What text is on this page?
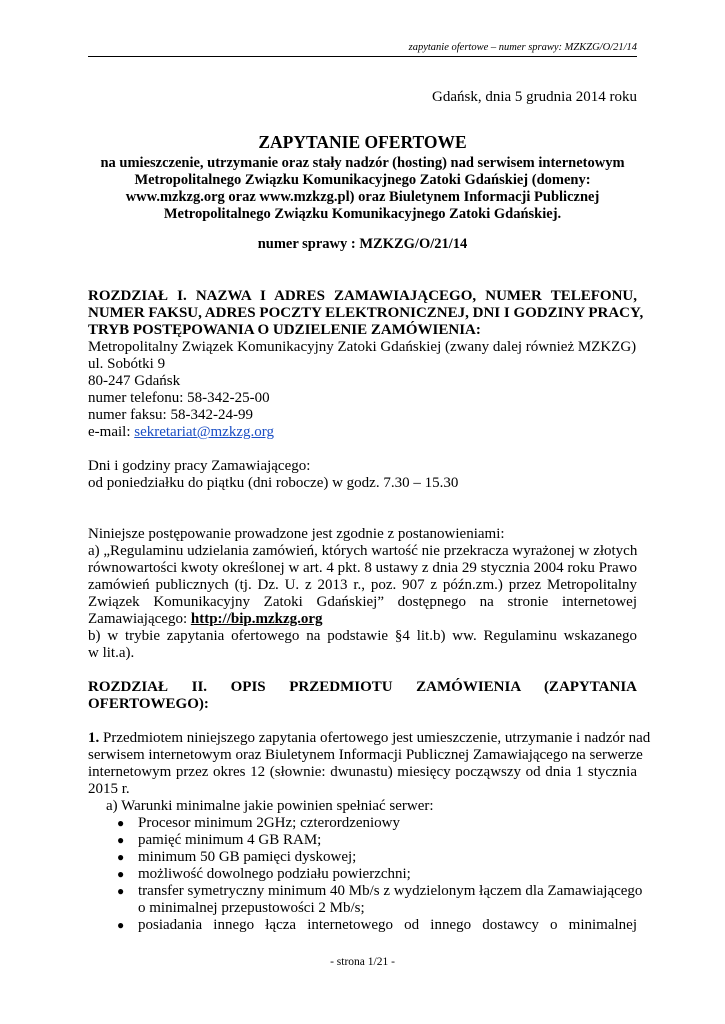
zapytanie ofertowe – numer sprawy: MZKZG/O/21/14
Gdańsk, dnia 5 grudnia 2014 roku
ZAPYTANIE OFERTOWE
na umieszczenie, utrzymanie oraz stały nadzór (hosting) nad serwisem internetowym
Metropolitalnego Związku Komunikacyjnego Zatoki Gdańskiej (domeny:
www.mzkzg.org oraz www.mzkzg.pl) oraz Biuletynem Informacji Publicznej
Metropolitalnego Związku Komunikacyjnego Zatoki Gdańskiej.
numer sprawy : MZKZG/O/21/14
ROZDZIAŁ I. NAZWA I ADRES ZAMAWIAJĄCEGO, NUMER TELEFONU,
NUMER FAKSU, ADRES POCZTY ELEKTRONICZNEJ, DNI I GODZINY PRACY,
TRYB POSTĘPOWANIA O UDZIELENIE ZAMÓWIENIA:
Metropolitalny Związek Komunikacyjny Zatoki Gdańskiej (zwany dalej również MZKZG)
ul. Sobótki 9
80-247 Gdańsk
numer telefonu: 58-342-25-00
numer faksu: 58-342-24-99
e-mail: sekretariat@mzkzg.org
Dni i godziny pracy Zamawiającego:
od poniedziałku do piątku (dni robocze) w godz. 7.30 – 15.30
Niniejsze postępowanie prowadzone jest zgodnie z postanowieniami:
a) „Regulaminu udzielania zamówień, których wartość nie przekracza wyrażonej w złotych
równowartości kwoty określonej w art. 4 pkt. 8 ustawy z dnia 29 stycznia 2004 roku Prawo
zamówień publicznych (tj. Dz. U. z 2013 r., poz. 907 z późn.zm.) przez Metropolitalny
Związek Komunikacyjny Zatoki Gdańskiej” dostępnego na stronie internetowej
Zamawiającego: http://bip.mzkzg.org
b) w trybie zapytania ofertowego na podstawie §4 lit.b) ww. Regulaminu wskazanego
w lit.a).
ROZDZIAŁ II. OPIS PRZEDMIOTU ZAMÓWIENIA (ZAPYTANIA
OFERTOWEGO):
1. Przedmiotem niniejszego zapytania ofertowego jest umieszczenie, utrzymanie i nadzór nad
serwisem internetowym oraz Biuletynem Informacji Publicznej Zamawiającego na serwerze
internetowym przez okres 12 (słownie: dwunastu) miesięcy począwszy od dnia 1 stycznia
2015 r.
a) Warunki minimalne jakie powinien spełniać serwer:
● Procesor minimum 2GHz; czterordzeniowy
● pamięć minimum 4 GB RAM;
● minimum 50 GB pamięci dyskowej;
● możliwość dowolnego podziału powierzchni;
● transfer symetryczny minimum 40 Mb/s z wydzielonym łączem dla Zamawiającego
o minimalnej przepustowości 2 Mb/s;
● posiadania innego łącza internetowego od innego dostawcy o minimalnej
- strona 1/21 -
